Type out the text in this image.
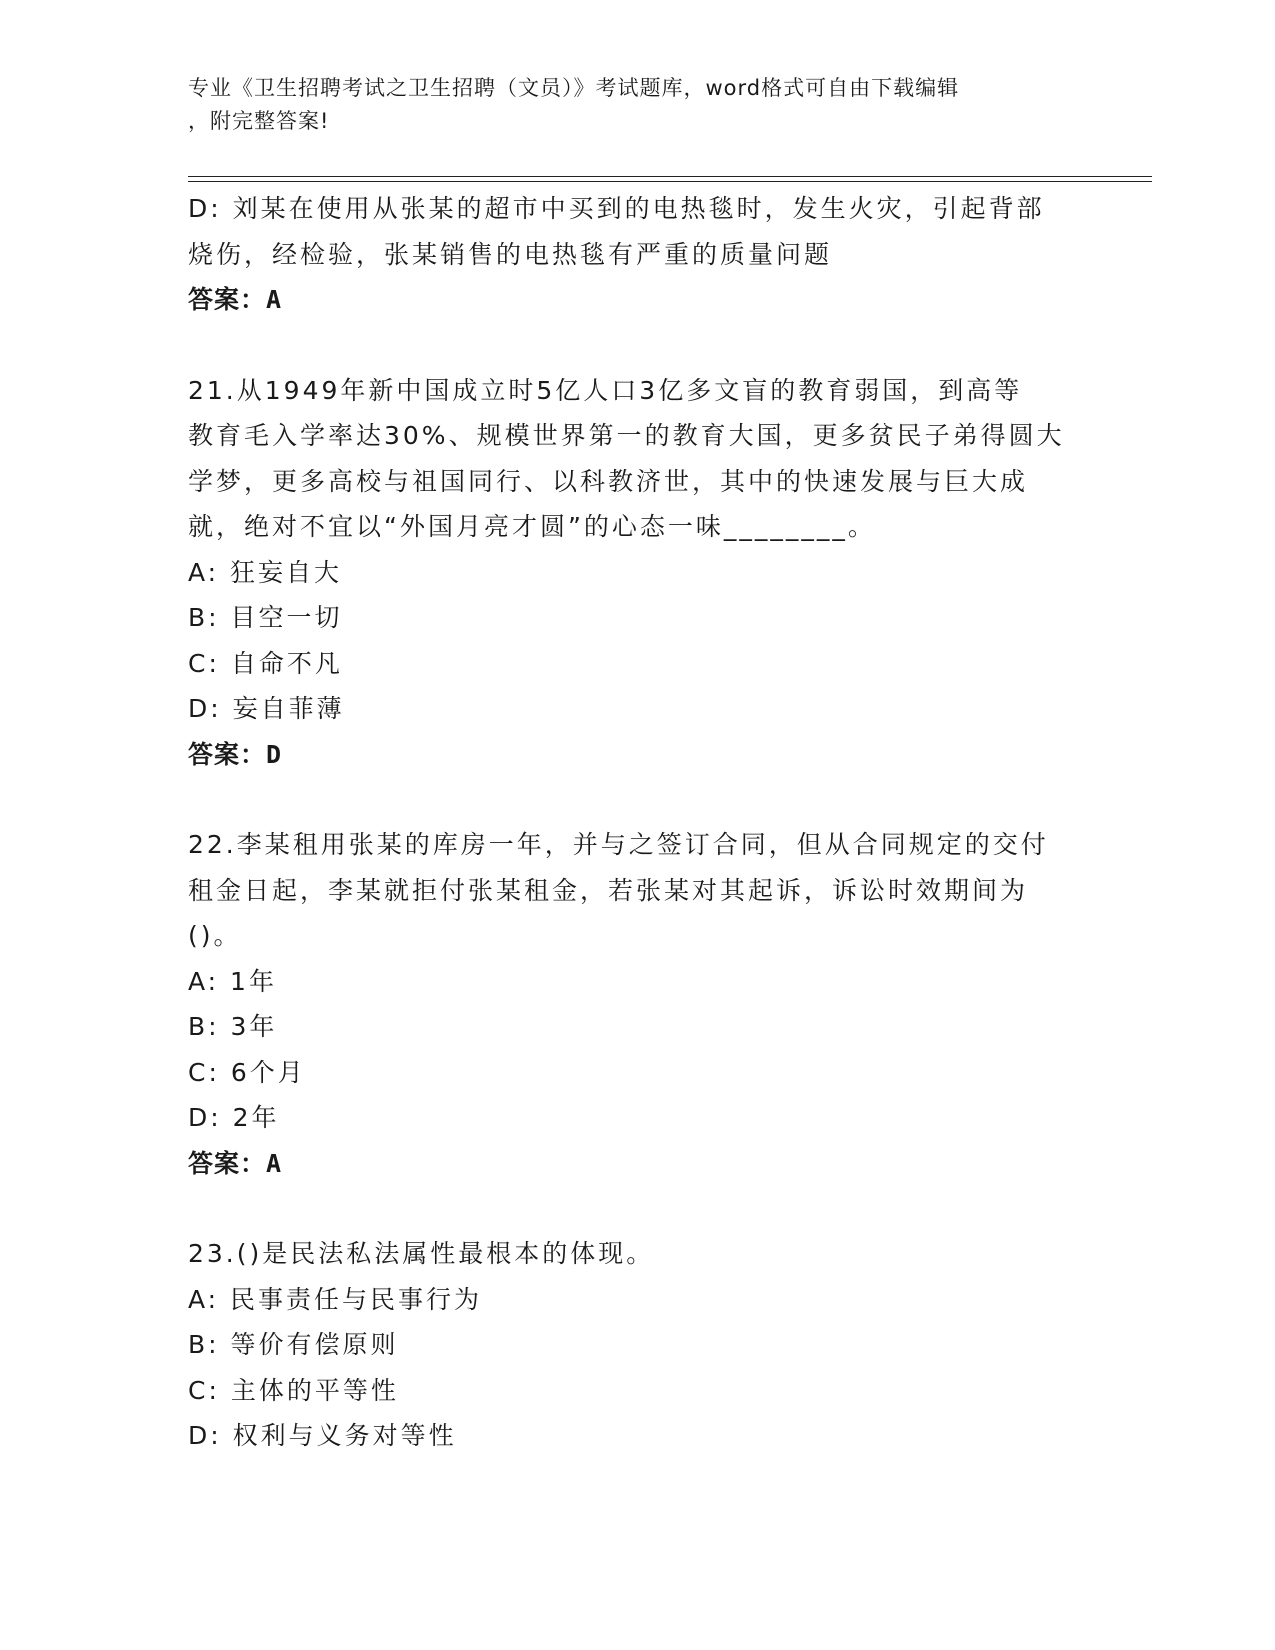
专业《卫生招聘考试之卫生招聘（文员）》考试题库，word格式可自由下载编辑
，附完整答案!
D: 刘某在使用从张某的超市中买到的电热毯时，发生火灾，引起背部
烧伤，经检验，张某销售的电热毯有严重的质量问题
答案：A
21.从1949年新中国成立时5亿人口3亿多文盲的教育弱国，到高等
教育毛入学率达30%、规模世界第一的教育大国，更多贫民子弟得圆大
学梦，更多高校与祖国同行、以科教济世，其中的快速发展与巨大成
就，绝对不宜以“外国月亮才圆”的心态一味________。
A: 狂妄自大
B: 目空一切
C: 自命不凡
D: 妄自菲薄
答案：D
22.李某租用张某的库房一年，并与之签订合同，但从合同规定的交付
租金日起，李某就拒付张某租金，若张某对其起诉，诉讼时效期间为
()。
A: 1年
B: 3年
C: 6个月
D: 2年
答案：A
23.()是民法私法属性最根本的体现。
A: 民事责任与民事行为
B: 等价有偿原则
C: 主体的平等性
D: 权利与义务对等性
